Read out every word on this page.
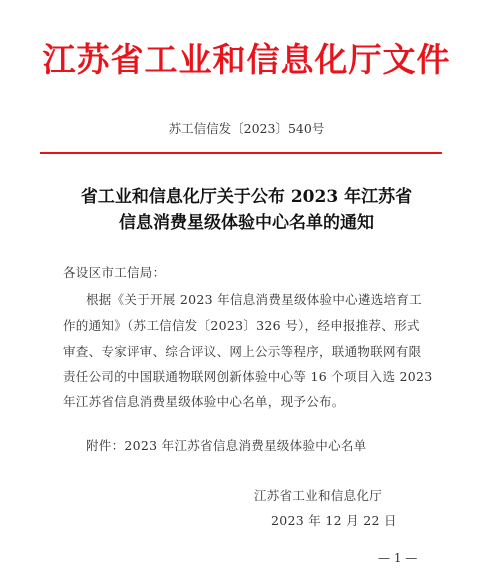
江苏省工业和信息化厅文件
苏工信信发〔2023〕540号
省工业和信息化厅关于公布 2023 年江苏省
信息消费星级体验中心名单的通知
各设区市工信局：
根据《关于开展 2023 年信息消费星级体验中心遴选培育工
作的通知》（苏工信信发〔2023〕326 号），经申报推荐、形式
审查、专家评审、综合评议、网上公示等程序，联通物联网有限
责任公司的中国联通物联网创新体验中心等 16 个项目入选 2023
年江苏省信息消费星级体验中心名单，现予公布。
附件：2023 年江苏省信息消费星级体验中心名单
江苏省工业和信息化厅
2023 年 12 月 22 日
— 1 —
